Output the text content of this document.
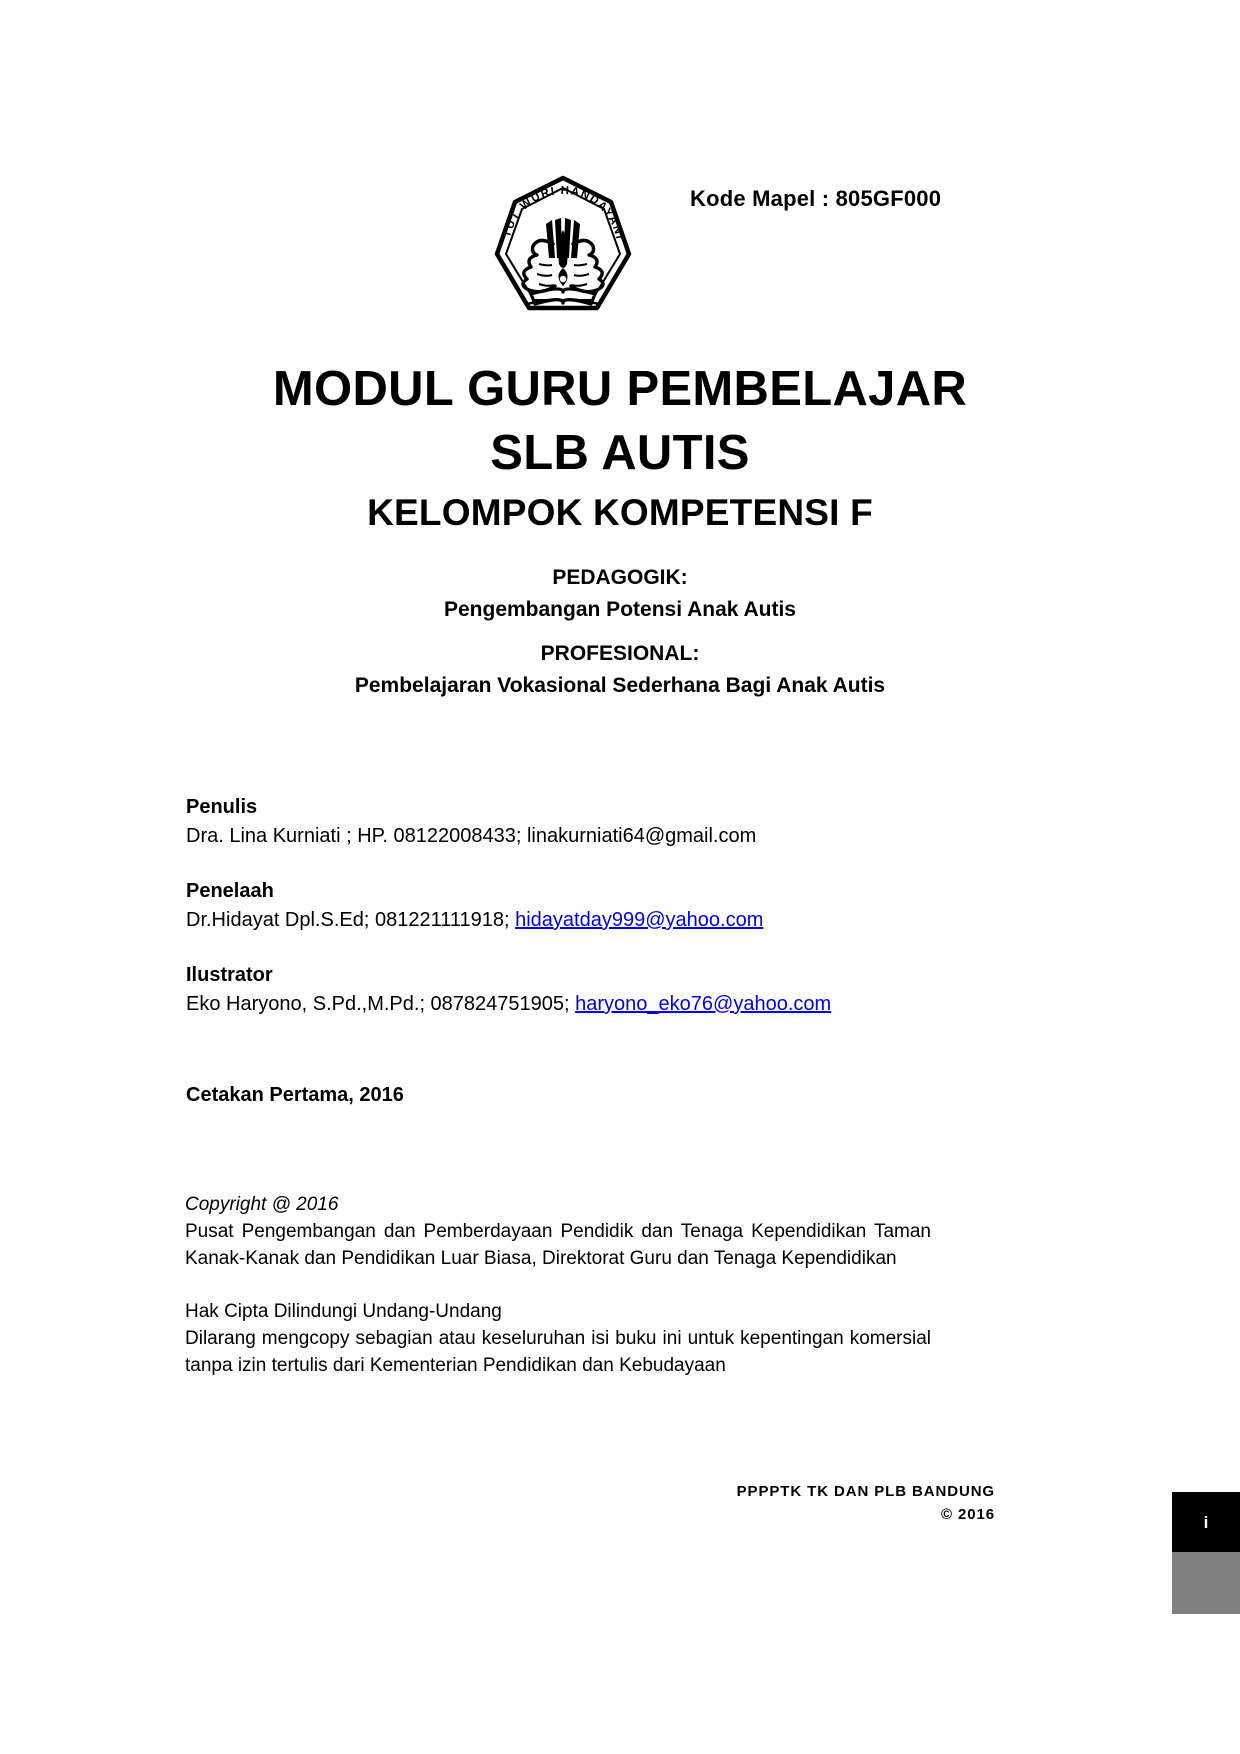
Kode Mapel : 805GF000
TUT WURI HANDAYANI
MODUL GURU PEMBELAJAR
SLB AUTIS
KELOMPOK KOMPETENSI F
PEDAGOGIK:
Pengembangan Potensi Anak Autis
PROFESIONAL:
Pembelajaran Vokasional Sederhana Bagi Anak Autis
Penulis
Dra. Lina Kurniati ; HP. 08122008433; linakurniati64@gmail.com
Penelaah
Dr.Hidayat Dpl.S.Ed; 081221111918; hidayatday999@yahoo.com
Ilustrator
Eko Haryono, S.Pd.,M.Pd.; 087824751905; haryono_eko76@yahoo.com
Cetakan Pertama, 2016
Copyright @ 2016
Pusat Pengembangan dan Pemberdayaan Pendidik dan Tenaga Kependidikan Taman Kanak-Kanak dan Pendidikan Luar Biasa, Direktorat Guru dan Tenaga Kependidikan
Hak Cipta Dilindungi Undang-Undang
Dilarang mengcopy sebagian atau keseluruhan isi buku ini untuk kepentingan komersial tanpa izin tertulis dari Kementerian Pendidikan dan Kebudayaan
PPPPTK TK DAN PLB BANDUNG
© 2016	i
